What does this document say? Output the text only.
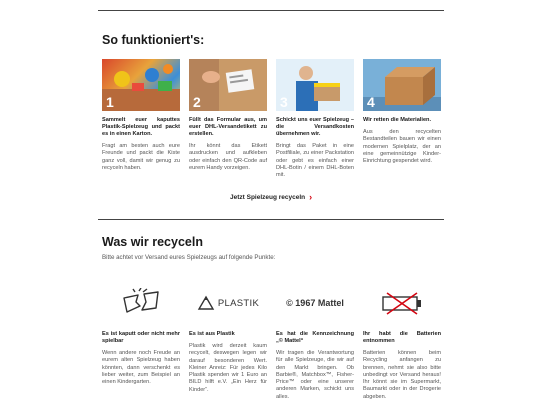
So funktioniert's:
1
Sammelt euer kaputtes Plastik-Spielzeug und packt es in einen Karton.
Fragt am besten auch eure Freunde und packt die Kiste ganz voll, damit wir genug zu recyceln haben.
2
Füllt das Formular aus, um euer DHL-Versandetikett zu erstellen.
Ihr könnt das Etikett ausdrucken und aufkleben oder einfach den QR-Code auf eurem Handy vorzeigen.
3
Schickt uns euer Spielzeug – die Versandkosten übernehmen wir.
Bringt das Paket in eine Postfiliale, zu einer Packstation oder gebt es einfach einer DHL-Botin / einem DHL-Boten mit.
4
Wir retten die Materialien.
Aus den recycelten Bestandteilen bauen wir einen modernen Spielplatz, der an eine gemeinnützige Kinder-Einrichtung gespendet wird.
Jetzt Spielzeug recyceln ›
Was wir recyceln
Bitte achtet vor Versand eures Spielzeugs auf folgende Punkte:
Es ist kaputt oder nicht mehr spielbar
Wenn andere noch Freude an eurem alten Spielzeug haben könnten, dann verschenkt es lieber weiter, zum Beispiel an einen Kindergarten.
PLASTIK
Es ist aus Plastik
Plastik wird derzeit kaum recycelt, deswegen legen wir darauf besonderen Wert. Kleiner Anreiz: Für jedes Kilo Plastik spenden wir 1 Euro an BILD hilft e.V. „Ein Herz für Kinder“.
© 1967 Mattel
Es hat die Kennzeichnung „© Mattel“
Wir tragen die Verantwortung für alle Spielzeuge, die wir auf den Markt bringen. Ob Barbie®, Matchbox™, Fisher-Price™ oder eine unserer anderen Marken, schickt uns alles.
Ihr habt die Batterien entnommen
Batterien können beim Recycling anfangen zu brennen, nehmt sie also bitte unbedingt vor Versand heraus! Ihr könnt sie im Supermarkt, Baumarkt oder in der Drogerie abgeben.
